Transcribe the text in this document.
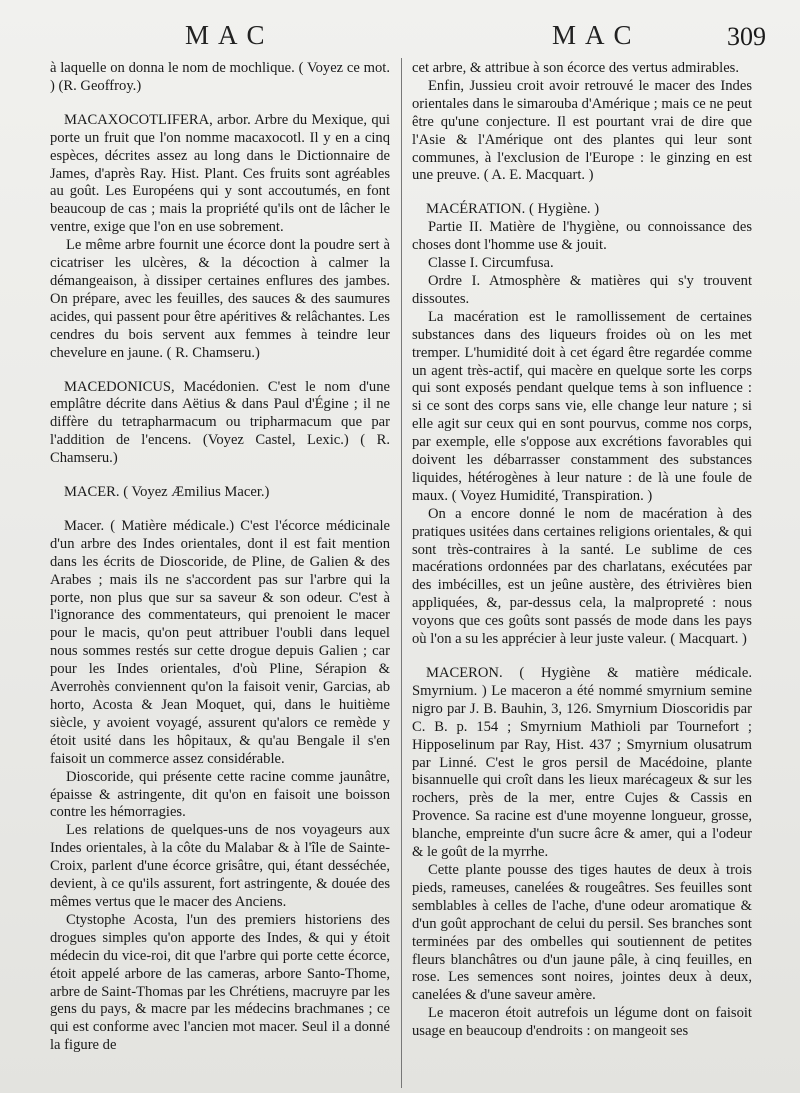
MAC	MAC	309

à laquelle on donna le nom de mochlique. ( Voyez ce mot. ) (R. Geoffroy.)

MACAXOCOTLIFERA, arbor. Arbre du Mexique, qui porte un fruit que l'on nomme macaxocotl. Il y en a cinq espèces, décrites assez au long dans le Dictionnaire de James, d'après Ray. Hist. Plant. Ces fruits sont agréables au goût. Les Européens qui y sont accoutumés, en font beaucoup de cas ; mais la propriété qu'ils ont de lâcher le ventre, exige que l'on en use sobrement.

Le même arbre fournit une écorce dont la poudre sert à cicatriser les ulcères, & la décoction à calmer la démangeaison, à dissiper certaines enflures des jambes. On prépare, avec les feuilles, des sauces & des saumures acides, qui passent pour être apéritives & relâchantes. Les cendres du bois servent aux femmes à teindre leur chevelure en jaune. ( R. Chamseru.)

MACEDONICUS, Macédonien. C'est le nom d'une emplâtre décrite dans Aëtius & dans Paul d'Égine ; il ne diffère du tetrapharmacum ou tripharmacum que par l'addition de l'encens. (Voyez Castel, Lexic.) ( R. Chamseru.)

MACER. ( Voyez Æmilius Macer.)

Macer. ( Matière médicale.) C'est l'écorce médicinale d'un arbre des Indes orientales, dont il est fait mention dans les écrits de Dioscoride, de Pline, de Galien & des Arabes ; mais ils ne s'accordent pas sur l'arbre qui la porte, non plus que sur sa saveur & son odeur. C'est à l'ignorance des commentateurs, qui prenoient le macer pour le macis, qu'on peut attribuer l'oubli dans lequel nous sommes restés sur cette drogue depuis Galien ; car pour les Indes orientales, d'où Pline, Sérapion & Averrohès conviennent qu'on la faisoit venir, Garcias, ab horto, Acosta & Jean Moquet, qui, dans le huitième siècle, y avoient voyagé, assurent qu'alors ce remède y étoit usité dans les hôpitaux, & qu'au Bengale il s'en faisoit un commerce assez considérable.

Dioscoride, qui présente cette racine comme jaunâtre, épaisse & astringente, dit qu'on en faisoit une boisson contre les hémorragies.

Les relations de quelques-uns de nos voyageurs aux Indes orientales, à la côte du Malabar & à l'île de Sainte-Croix, parlent d'une écorce grisâtre, qui, étant desséchée, devient, à ce qu'ils assurent, fort astringente, & douée des mêmes vertus que le macer des Anciens.

Ctystophe Acosta, l'un des premiers historiens des drogues simples qu'on apporte des Indes, & qui y étoit médecin du vice-roi, dit que l'arbre qui porte cette écorce, étoit appelé arbore de las cameras, arbore Santo-Thome, arbre de Saint-Thomas par les Chrétiens, macruyre par les gens du pays, & macre par les médecins brachmanes ; ce qui est conforme avec l'ancien mot macer. Seul il a donné la figure de

cet arbre, & attribue à son écorce des vertus admirables.

Enfin, Jussieu croit avoir retrouvé le macer des Indes orientales dans le simarouba d'Amérique ; mais ce ne peut être qu'une conjecture. Il est pourtant vrai de dire que l'Asie & l'Amérique ont des plantes qui leur sont communes, à l'exclusion de l'Europe : le ginzing en est une preuve. ( A. E. Macquart. )

MACÉRATION. ( Hygiène. )

Partie II. Matière de l'hygiène, ou connoissance des choses dont l'homme use & jouit.

Classe I. Circumfusa.

Ordre I. Atmosphère & matières qui s'y trouvent dissoutes.

La macération est le ramollissement de certaines substances dans des liqueurs froides où on les met tremper. L'humidité doit à cet égard être regardée comme un agent très-actif, qui macère en quelque sorte les corps qui sont exposés pendant quelque tems à son influence : si ce sont des corps sans vie, elle change leur nature ; si elle agit sur ceux qui en sont pourvus, comme nos corps, par exemple, elle s'oppose aux excrétions favorables qui doivent les débarrasser constamment des substances liquides, hétérogènes à leur nature : de là une foule de maux. ( Voyez Humidité, Transpiration. )

On a encore donné le nom de macération à des pratiques usitées dans certaines religions orientales, & qui sont très-contraires à la santé. Le sublime de ces macérations ordonnées par des charlatans, exécutées par des imbécilles, est un jeûne austère, des étrivières bien appliquées, &, par-dessus cela, la malpropreté : nous voyons que ces goûts sont passés de mode dans les pays où l'on a su les apprécier à leur juste valeur. ( Macquart. )

MACERON. ( Hygiène & matière médicale. Smyrnium. ) Le maceron a été nommé smyrnium semine nigro par J. B. Bauhin, 3, 126. Smyrnium Dioscoridis par C. B. p. 154 ; Smyrnium Mathioli par Tournefort ; Hipposelinum par Ray, Hist. 437 ; Smyrnium olusatrum par Linné. C'est le gros persil de Macédoine, plante bisannuelle qui croît dans les lieux marécageux & sur les rochers, près de la mer, entre Cujes & Cassis en Provence. Sa racine est d'une moyenne longueur, grosse, blanche, empreinte d'un sucre âcre & amer, qui a l'odeur & le goût de la myrrhe.

Cette plante pousse des tiges hautes de deux à trois pieds, rameuses, canelées & rougeâtres. Ses feuilles sont semblables à celles de l'ache, d'une odeur aromatique & d'un goût approchant de celui du persil. Ses branches sont terminées par des ombelles qui soutiennent de petites fleurs blanchâtres ou d'un jaune pâle, à cinq feuilles, en rose. Les semences sont noires, jointes deux à deux, canelées & d'une saveur amère.

Le maceron étoit autrefois un légume dont on faisoit usage en beaucoup d'endroits : on mangeoit ses
